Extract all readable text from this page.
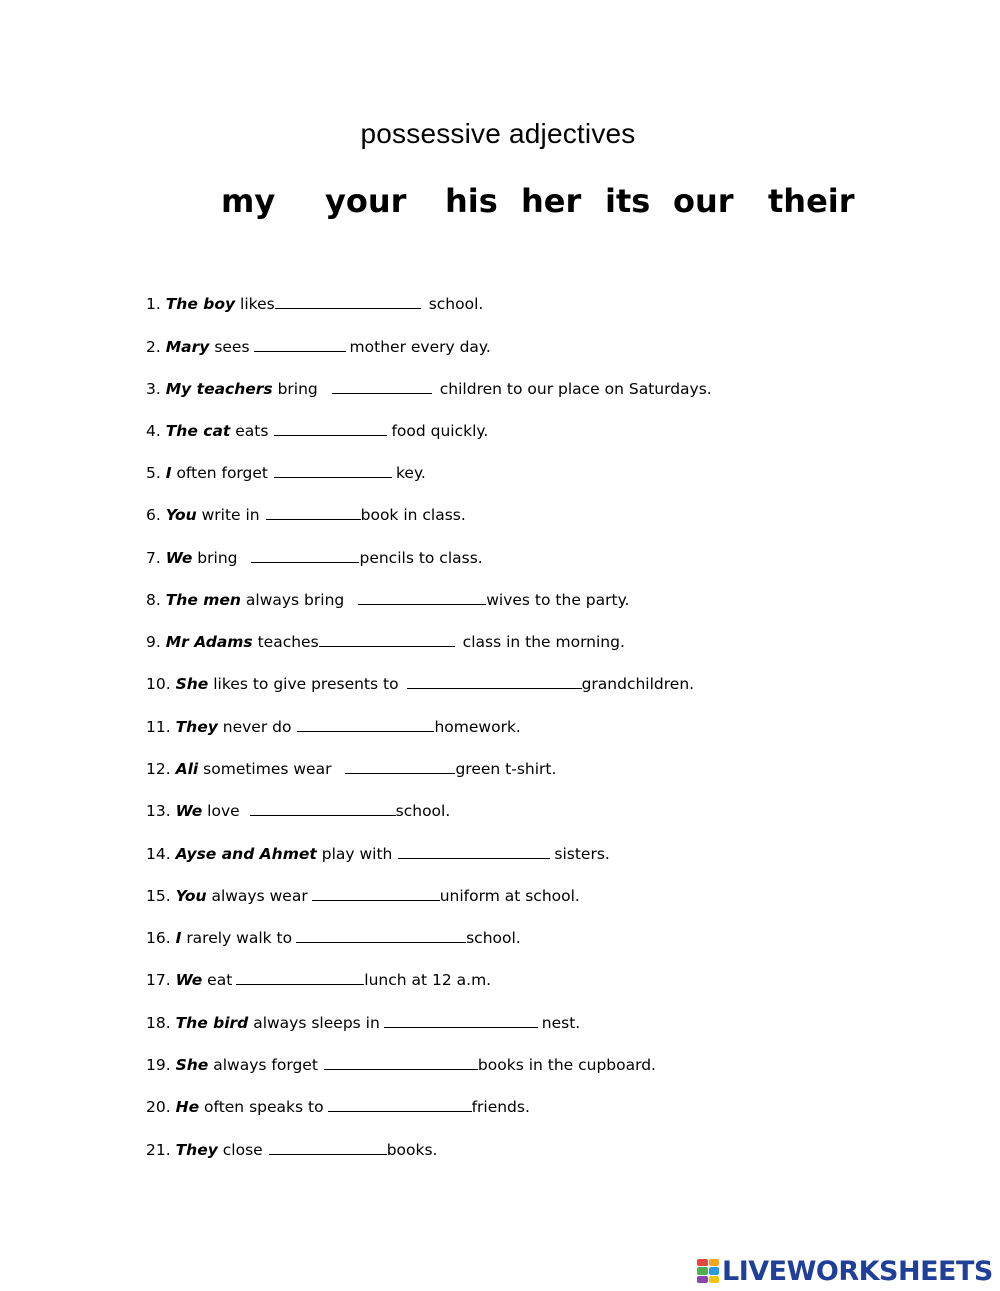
possessive adjectives
my your his her its our their
1. The boy likes	school.
2. Mary sees	mother every day.
3. My teachers bring	children to our place on Saturdays.
4. The cat eats	food quickly.
5. I often forget	key.
6. You write in	book in class.
7. We bring	pencils to class.
8. The men always bring	wives to the party.
9. Mr Adams teaches	class in the morning.
10. She likes to give presents to	grandchildren.
11. They never do	homework.
12. Ali sometimes wear	green t-shirt.
13. We love	school.
14. Ayse and Ahmet play with	sisters.
15. You always wear	uniform at school.
16. I rarely walk to	school.
17. We eat	lunch at 12 a.m.
18. The bird always sleeps in	nest.
19. She always forget	books in the cupboard.
20. He often speaks to	friends.
21. They close	books.
LIVEWORKSHEETS
